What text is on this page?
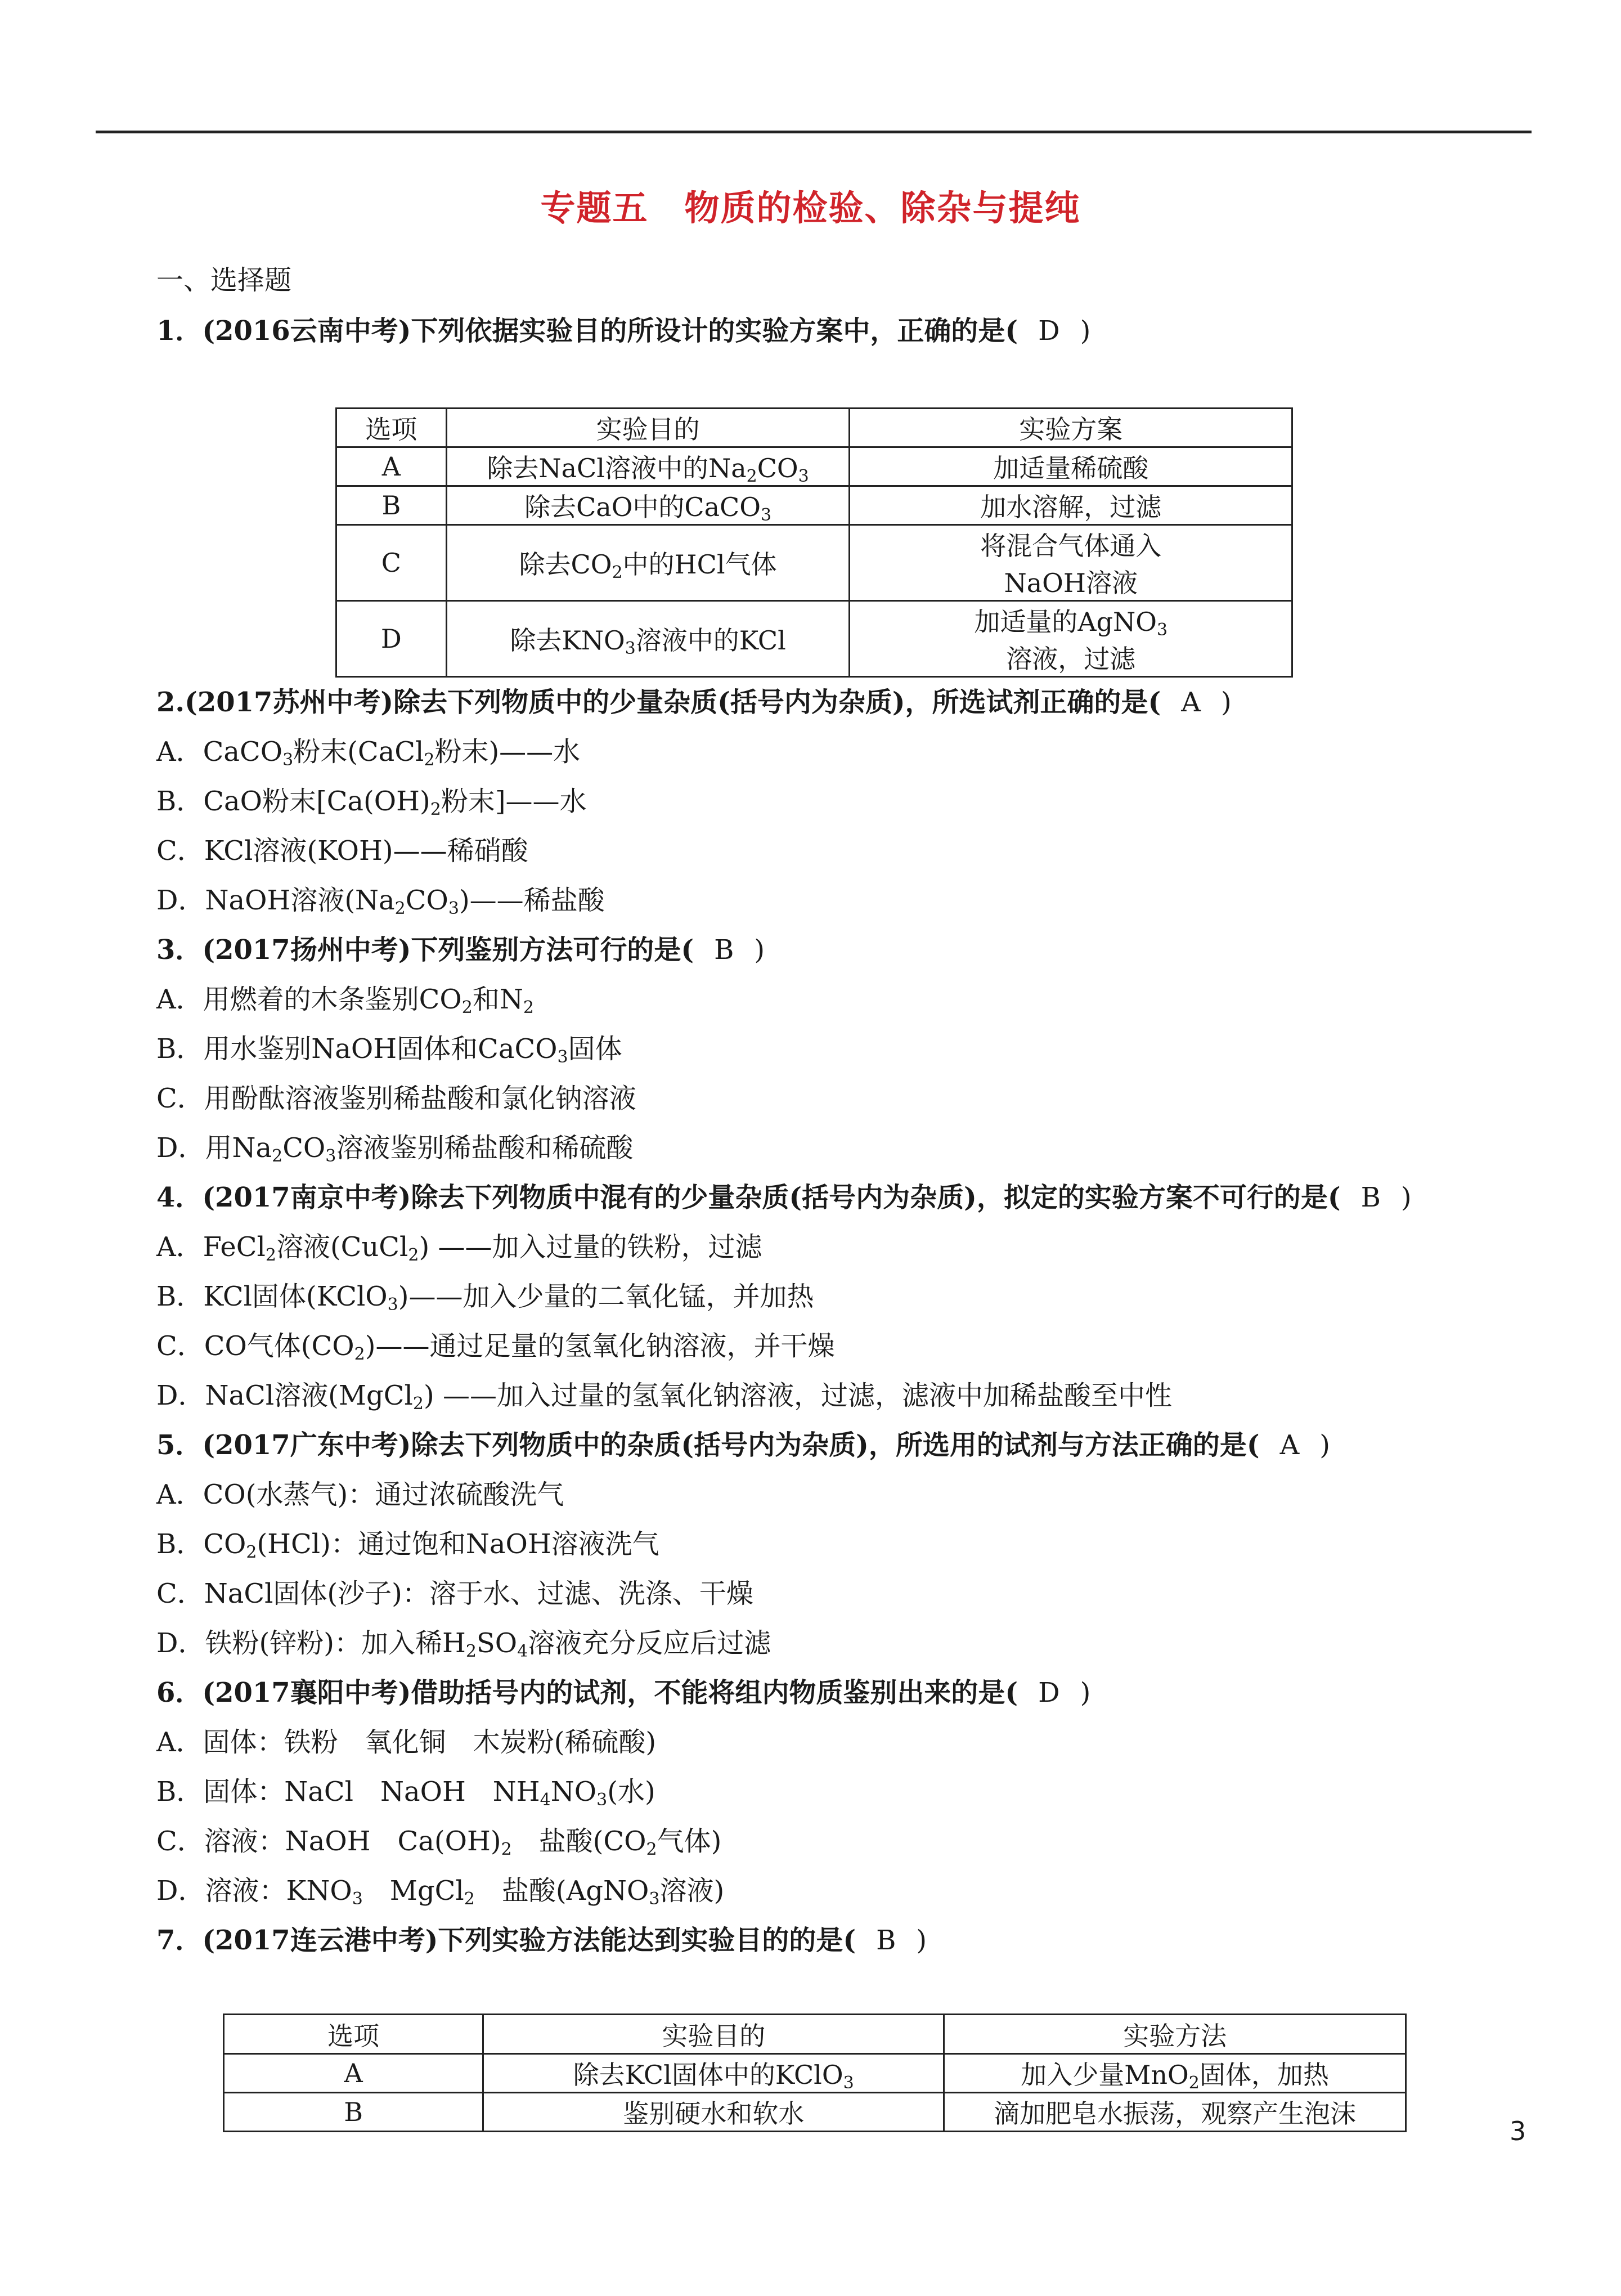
专题五　物质的检验、除杂与提纯
一、选择题
1．(2016云南中考)下列依据实验目的所设计的实验方案中，正确的是( D )
选项	实验目的	实验方案
A	除去NaCl溶液中的$Na_2CO_3$	加适量稀硫酸
B	除去CaO中的CaCO$_3$	加水溶解，过滤
C	除去$CO_2$中的HCl气体	将混合气体通入
NaOH溶液

D	除去$KNO_3$溶液中的KCl	加适量的AgNO$_3$
溶液，过滤
2.(2017苏州中考)除去下列物质中的少量杂质(括号内为杂质)，所选试剂正确的是( A )
A．CaCO$_3$粉末(CaCl$_2$粉末)——水
B．CaO粉末[$Ca(OH)_2$粉末]——水
C．KCl溶液(KOH)——稀硝酸
D．NaOH溶液$(Na_2CO_3)——$稀盐酸
3．(2017扬州中考)下列鉴别方法可行的是( B )
A．用燃着的木条鉴别$CO_2$和$N_2$
B．用水鉴别NaOH固体和CaCO$_3$固体
C．用酚酞溶液鉴别稀盐酸和氯化钠溶液
D．用$Na_2CO_3$溶液鉴别稀盐酸和稀硫酸
4．(2017南京中考)除去下列物质中混有的少量杂质(括号内为杂质)，拟定的实验方案不可行的是( B )
A．FeCl$_2$溶液(CuCl$_2$) ——加入过量的铁粉，过滤
B．KCl固体(KClO$_3$)——加入少量的二氧化锰，并加热
C．CO气体$(CO_2)——$通过足量的氢氧化钠溶液，并干燥
D．NaCl溶液(MgCl$_2$) ——加入过量的氢氧化钠溶液，过滤，滤液中加稀盐酸至中性
5．(2017广东中考)除去下列物质中的杂质(括号内为杂质)，所选用的试剂与方法正确的是( A )
A．CO(水蒸气)：通过浓硫酸洗气
B．$CO_2(HCl)$：通过饱和NaOH溶液洗气
C．NaCl固体(沙子)：溶于水、过滤、洗涤、干燥
D．铁粉(锌粉)：加入稀$H_2SO_4$溶液充分反应后过滤
6．(2017襄阳中考)借助括号内的试剂，不能将组内物质鉴别出来的是( D )
A．固体：铁粉　氧化铜　木炭粉(稀硫酸)
B．固体：NaCl　NaOH　$NH_4NO_3$(水)
C．溶液：NaOH　$Ca(OH)_2$　盐酸($CO_2$气体)
D．溶液：$KNO_3$　MgCl$_2$　盐酸(AgNO$_3$溶液)
7．(2017连云港中考)下列实验方法能达到实验目的的是( B )
选项	实验目的	实验方法
A	除去KCl固体中的KClO$_3$	加入少量MnO$_2$固体，加热
B	鉴别硬水和软水	滴加肥皂水振荡，观察产生泡沫
3
